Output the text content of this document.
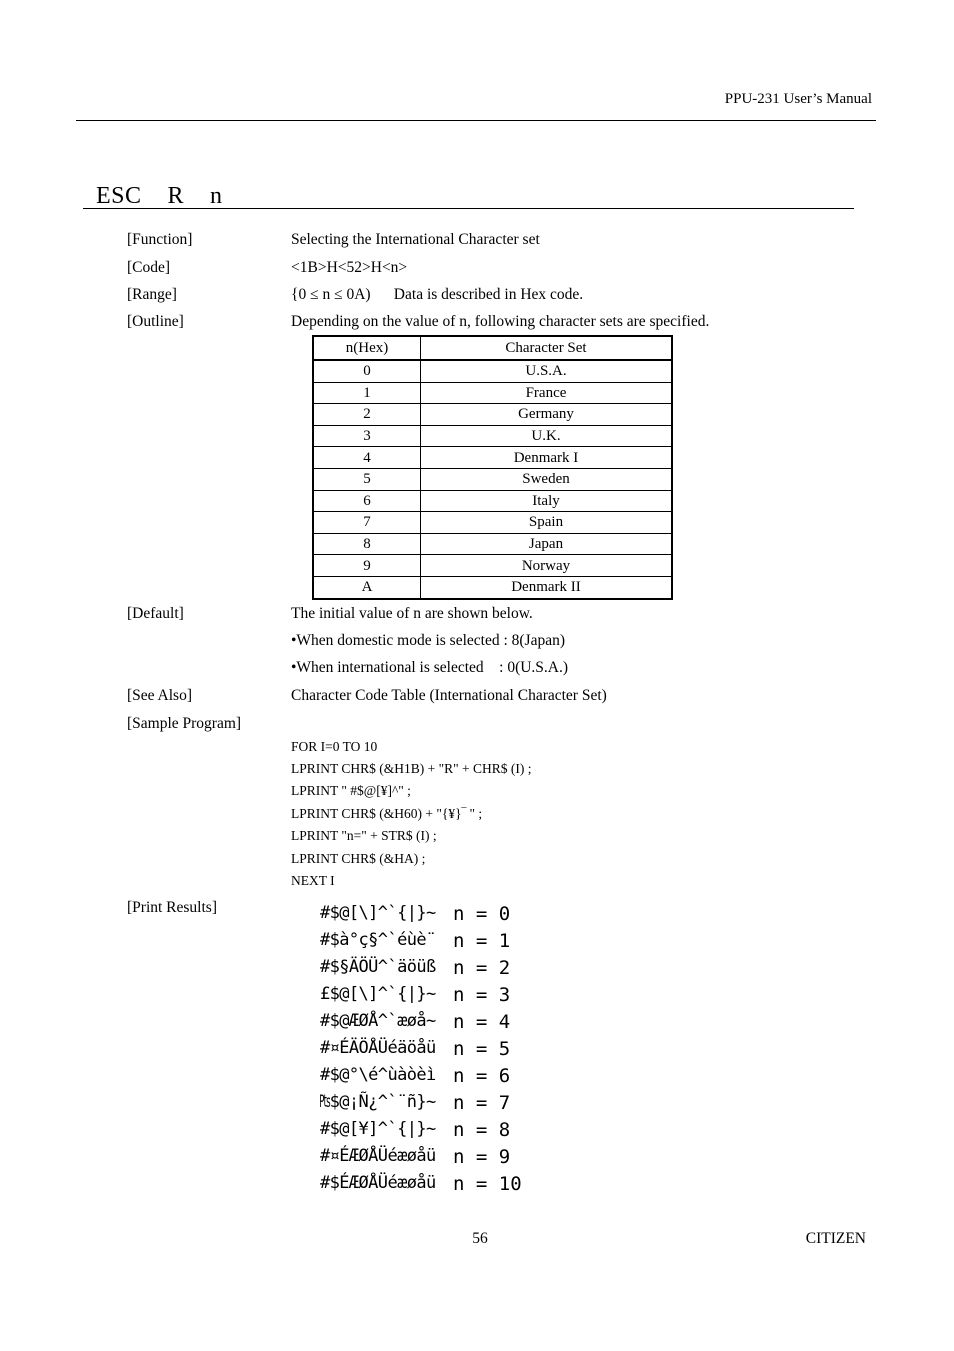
PPU-231 User’s Manual
ESC    R    n
[Function]	Selecting the International Character set
[Code]	<1B>H<52>H<n>
[Range]	{0 ≤ n ≤ 0A)      Data is described in Hex code.
[Outline]	Depending on the value of n, following character sets are specified.
n(Hex)	Character Set
0	U.S.A.
1	France
2	Germany
3	U.K.
4	Denmark I
5	Sweden
6	Italy
7	Spain
8	Japan
9	Norway
A	Denmark II
[Default]	The initial value of n are shown below.
•When domestic mode is selected : 8(Japan)
•When international is selected    : 0(U.S.A.)
[See Also]	Character Code Table (International Character Set)
[Sample Program]
FOR I=0 TO 10
LPRINT CHR$ (&H1B) + "R" + CHR$ (I) ;
LPRINT " #$@[¥]^" ;
LPRINT CHR$ (&H60) + "{¥}‾ " ;
LPRINT "n=" + STR$ (I) ;
LPRINT CHR$ (&HA) ;
NEXT I
[Print Results]	#$@[\]^`{|}~ n = 0
#$à°ç§^`éùè¨ n = 1
#$§ÄÖÜ^`äöüß n = 2
£$@[\]^`{|}~ n = 3
#$@ÆØÅ^`æøå~ n = 4
#¤ÉÄÖÅÜéäöåü n = 5
#$@°\é^ùàòèì n = 6
₧$@¡Ñ¿^`¨ñ}~ n = 7
#$@[¥]^`{|}~ n = 8
#¤ÉÆØÅÜéæøåü n = 9
#$ÉÆØÅÜéæøåü n = 10
56	CITIZEN
